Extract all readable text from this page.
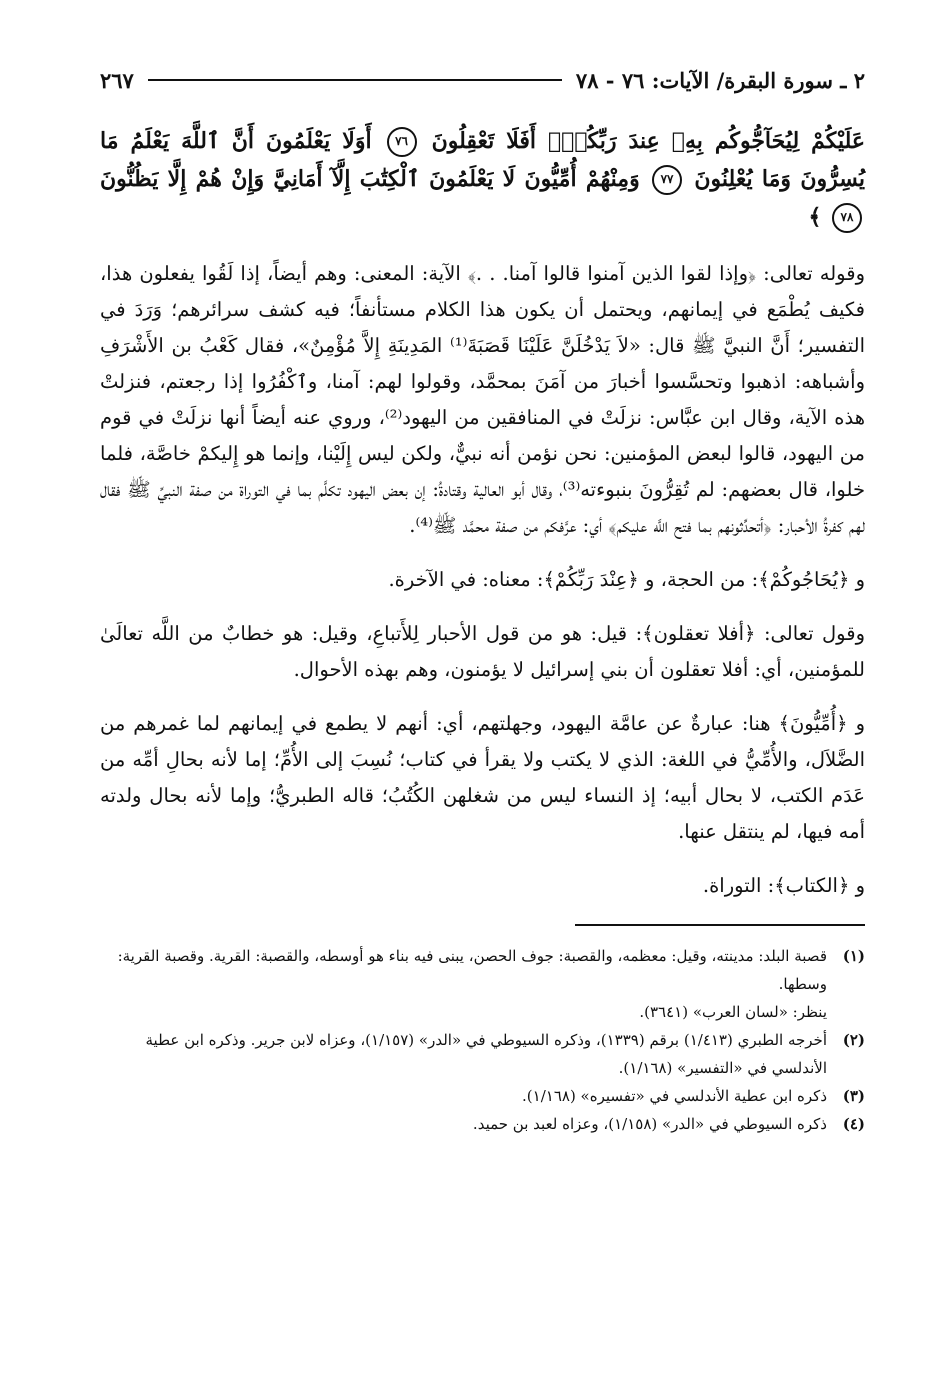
٢ ـ سورة البقرة/ الآيات: ٧٦ - ٧٨
٢٦٧
عَلَيْكُمْ لِيُحَآجُّوكُم بِهِۦ عِندَ رَبِّكُمْۚ أَفَلَا تَعْقِلُونَ ٧٦ أَوَلَا يَعْلَمُونَ أَنَّ ٱللَّهَ يَعْلَمُ مَا يُسِرُّونَ وَمَا يُعْلِنُونَ ٧٧ وَمِنْهُمْ أُمِّيُّونَ لَا يَعْلَمُونَ ٱلْكِتَٰبَ إِلَّآ أَمَانِيَّ وَإِنْ هُمْ إِلَّا يَظُنُّونَ ٧٨ ﴾

وقوله تعالى: ﴿وإذا لقوا الذين آمنوا قالوا آمنا. . .﴾ الآية: المعنى: وهم أيضاً، إذا لَقُوا يفعلون هذا، فكيف يُطْمَع في إيمانهم، ويحتمل أن يكون هذا الكلام مستأنفاً؛ فيه كشف سرائرهم؛ وَرَدَ في التفسير؛ أَنَّ النبيَّ ﷺ قال: «لاَ يَدْخُلَنَّ عَلَيْنَا قَصَبَةَ⁽¹⁾ المَدِينَةِ إِلاَّ مُؤْمِنٌ»، فقال كَعْبُ بن الأَشْرَفِ وأشباهه: اذهبوا وتحسَّسوا أخبارَ من آمَنَ بمحمَّد، وقولوا لهم: آمنا، وٱكْفُرُوا إذا رجعتم، فنزلتْ هذه الآية، وقال ابن عبَّاس: نزلَتْ في المنافقين من اليهود⁽²⁾، وروي عنه أيضاً أنها نزلَتْ في قوم من اليهود، قالوا لبعض المؤمنين: نحن نؤمن أنه نبيٌّ، ولكن ليس إِلَيْنا، وإنما هو إِليكمْ خاصَّة، فلما خلوا، قال بعضهم: لم تُقِرُّونَ بنبوءته⁽³⁾، وقال أبو العالية وقتادةُ: إن بعض اليهود تكلَّم بما في التوراة من صفة النبيِّ ﷺ فقال لهم كفرةُ الأحبار: ﴿أتحدِّثونهم بما فتح اللَّه عليكم﴾ أي: عرَّفكم من صفة محمَّد ﷺ⁽⁴⁾.

و ﴿يُحَاجُوكُمْ﴾: من الحجة، و ﴿عِنْدَ رَبِّكُمْ﴾: معناه: في الآخرة.

وقول تعالى: ﴿أفلا تعقلون﴾: قيل: هو من قول الأحبار لِلأَتباعِ، وقيل: هو خطابٌ من اللَّه تعالَىٰ للمؤمنين، أي: أفلا تعقلون أن بني إسرائيل لا يؤمنون، وهم بهذه الأحوال.

و ﴿أُمِّيُّونَ﴾ هنا: عبارةٌ عن عامَّة اليهود، وجهلتهم، أي: أنهم لا يطمع في إيمانهم لما غمرهم من الضَّلاَل، والأُمِّيُّ في اللغة: الذي لا يكتب ولا يقرأ في كتاب؛ نُسِبَ إلى الأُمِّ؛ إما لأنه بحالِ أمِّه من عَدَم الكتب، لا بحال أبيه؛ إذ النساء ليس من شغلهن الكُتُبُ؛ قاله الطبريُّ؛ وإما لأنه بحال ولدته أمه فيها، لم ينتقل عنها.

و ﴿الكتاب﴾: التوراة.

(١)

قصبة البلد: مدينته، وقيل: معظمه، والقصبة: جوف الحصن، يبنى فيه بناء هو أوسطه، والقصبة: القرية. وقصبة القرية: وسطها.

ينظر: «لسان العرب» (٣٦٤١).

(٢)

أخرجه الطبري (١/٤١٣) برقم (١٣٣٩)، وذكره السيوطي في «الدر» (١/١٥٧)، وعزاه لابن جرير. وذكره ابن عطية الأندلسي في «التفسير» (١/١٦٨).

(٣)

ذكره ابن عطية الأندلسي في «تفسيره» (١/١٦٨).

(٤)

ذكره السيوطي في «الدر» (١/١٥٨)، وعزاه لعبد بن حميد.
